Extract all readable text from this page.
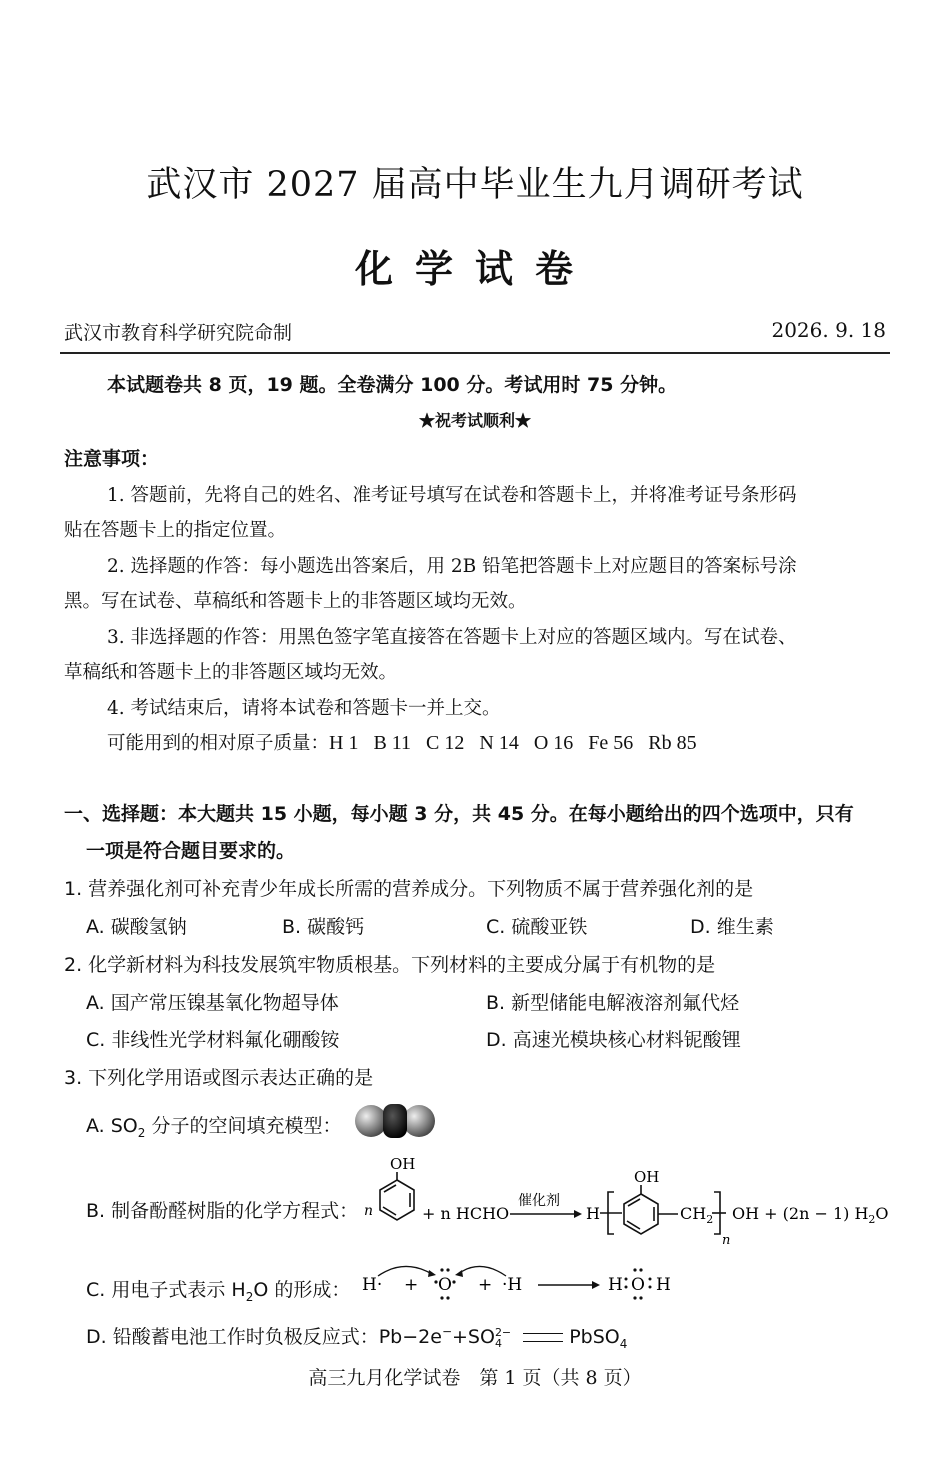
武汉市 2027 届高中毕业生九月调研考试
化学试卷
武汉市教育科学研究院命制	2026. 9. 18
本试题卷共 8 页，19 题。全卷满分 100 分。考试用时 75 分钟。
★祝考试顺利★
注意事项：
1. 答题前，先将自己的姓名、准考证号填写在试卷和答题卡上，并将准考证号条形码
贴在答题卡上的指定位置。
2. 选择题的作答：每小题选出答案后，用 2B 铅笔把答题卡上对应题目的答案标号涂
黑。写在试卷、草稿纸和答题卡上的非答题区域均无效。
3. 非选择题的作答：用黑色签字笔直接答在答题卡上对应的答题区域内。写在试卷、
草稿纸和答题卡上的非答题区域均无效。
4. 考试结束后，请将本试卷和答题卡一并上交。
可能用到的相对原子质量：H 1   B 11   C 12   N 14   O 16   Fe 56   Rb 85
一、选择题：本大题共 15 小题，每小题 3 分，共 45 分。在每小题给出的四个选项中，只有
一项是符合题目要求的。
1. 营养强化剂可补充青少年成长所需的营养成分。下列物质不属于营养强化剂的是
A. 碳酸氢钠	B. 碳酸钙	C. 硫酸亚铁	D. 维生素
2. 化学新材料为科技发展筑牢物质根基。下列材料的主要成分属于有机物的是
A. 国产常压镍基氧化物超导体	B. 新型储能电解液溶剂氟代烃
C. 非线性光学材料氟化硼酸铵	D. 高速光模块核心材料铌酸锂
3. 下列化学用语或图示表达正确的是
A. $SO_2$ 分子的空间填充模型：
B. 制备酚醛树脂的化学方程式： n
OH
+ n HCHO
催化剂
H
OH
$CH_2$
n
OH + (2n − 1) $H_2O$
C. 用电子式表示 $H_2O$ 的形成： H· + O + ·H	H O H
D. 铅酸蓄电池工作时负极反应式：Pb−2e−+SO 2−
4	PbSO$_4$
高三九月化学试卷　第 1 页（共 8 页）
